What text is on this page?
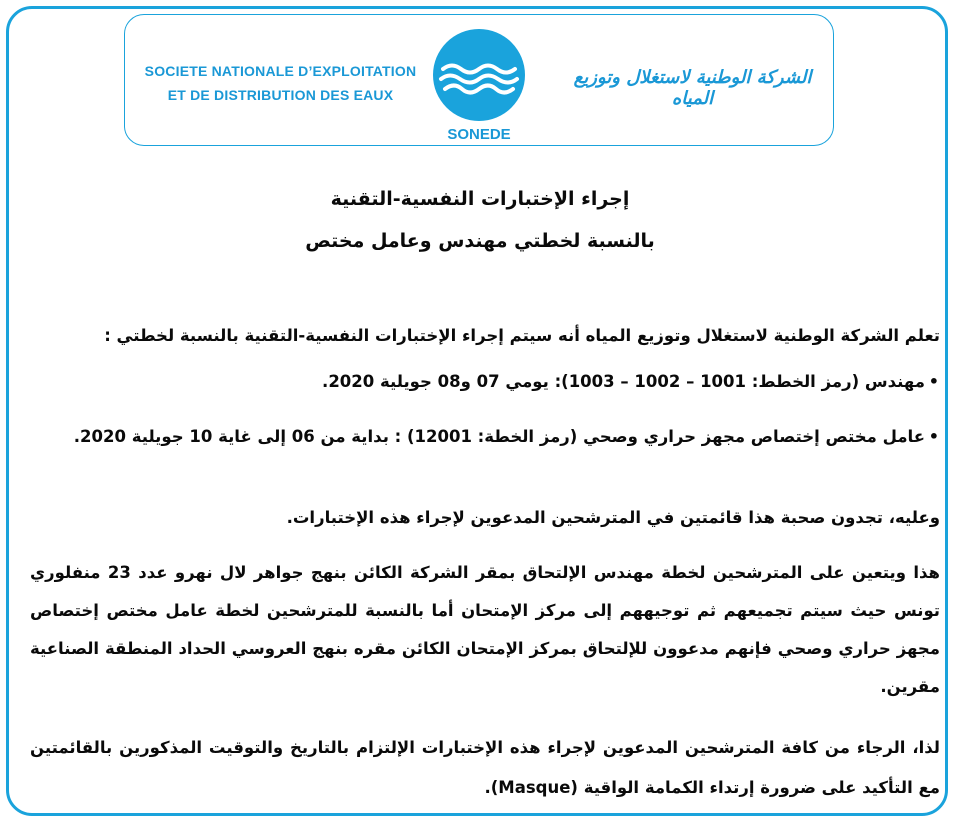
SOCIETE NATIONALE D’EXPLOITATION
ET DE DISTRIBUTION DES EAUX
SONEDE
الشركة الوطنية لاستغلال وتوزيع المياه
إجراء الإختبارات النفسية-التقنية
بالنسبة لخطتي مهندس وعامل مختص
تعلم الشركة الوطنية لاستغلال وتوزيع المياه أنه سيتم إجراء الإختبارات النفسية-التقنية بالنسبة لخطتي :
•
مهندس (رمز الخطط: 1001 – 1002 – 1003): يومي 07 و08 جويلية 2020.
•
عامل مختص إختصاص مجهز حراري وصحي (رمز الخطة: 12001) : بداية من 06 إلى غاية 10 جويلية 2020.
وعليه، تجدون صحبة هذا قائمتين في المترشحين المدعوين لإجراء هذه الإختبارات.
هذا ويتعين على المترشحين لخطة مهندس الإلتحاق بمقر الشركة الكائن بنهج جواهر لال نهرو عدد 23 منفلوري تونس حيث سيتم تجميعهم ثم توجيههم إلى مركز الإمتحان أما بالنسبة للمترشحين لخطة عامل مختص إختصاص مجهز حراري وصحي فإنهم مدعوون للإلتحاق بمركز الإمتحان الكائن مقره بنهج العروسي الحداد المنطقة الصناعية مقرين.
لذا، الرجاء من كافة المترشحين المدعوين لإجراء هذه الإختبارات الإلتزام بالتاريخ والتوقيت المذكورين بالقائمتين مع التأكيد على ضرورة إرتداء الكمامة الواقية (Masque).
